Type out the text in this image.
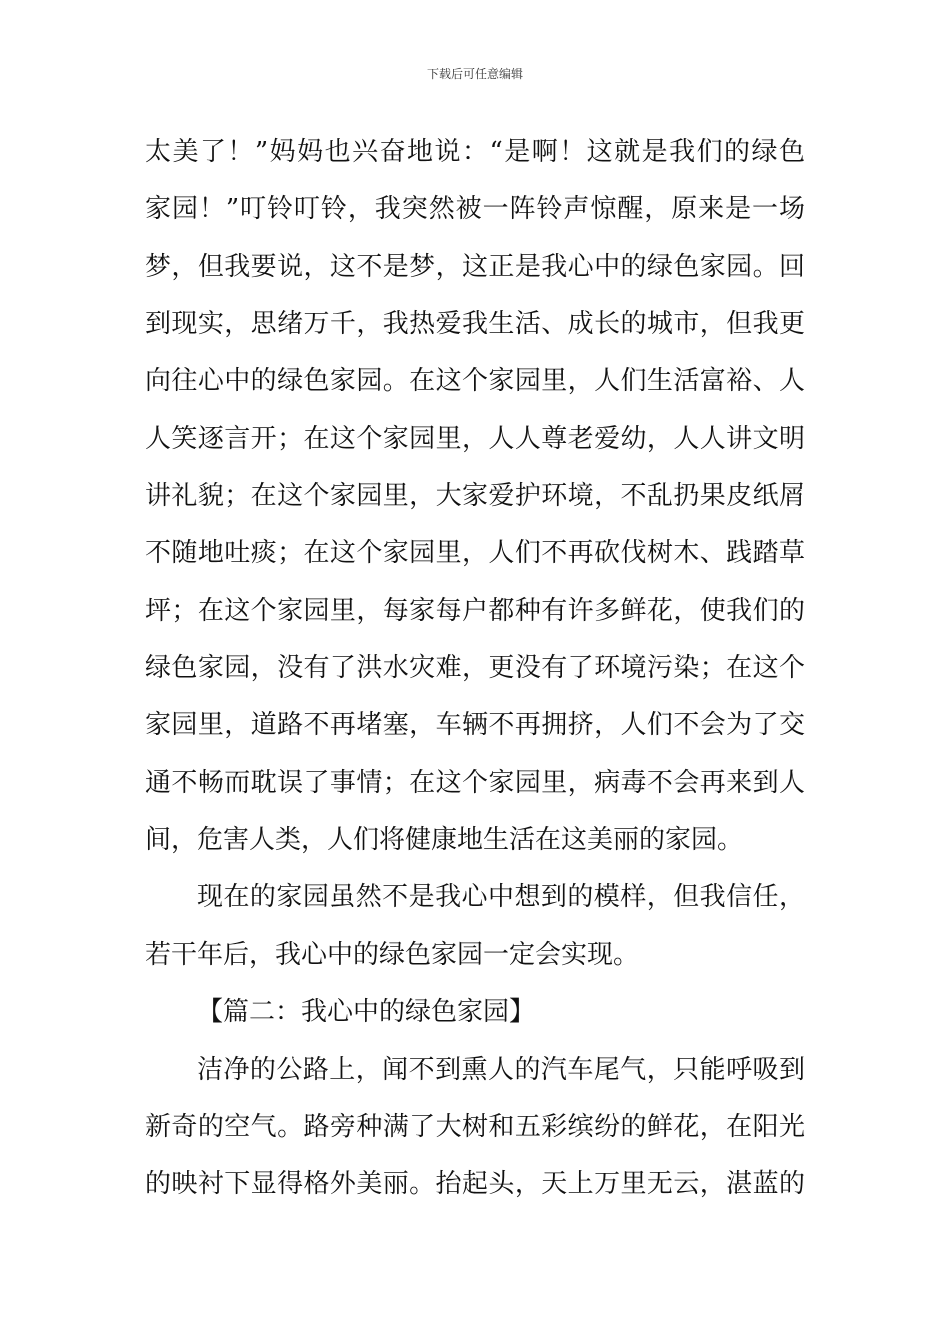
下载后可任意编辑
太美了！”妈妈也兴奋地说：“是啊！这就是我们的绿色
家园！”叮铃叮铃，我突然被一阵铃声惊醒，原来是一场
梦，但我要说，这不是梦，这正是我心中的绿色家园。回
到现实，思绪万千，我热爱我生活、成长的城市，但我更
向往心中的绿色家园。在这个家园里，人们生活富裕、人
人笑逐言开；在这个家园里，人人尊老爱幼，人人讲文明
讲礼貌；在这个家园里，大家爱护环境，不乱扔果皮纸屑
不随地吐痰；在这个家园里，人们不再砍伐树木、践踏草
坪；在这个家园里，每家每户都种有许多鲜花，使我们的
绿色家园，没有了洪水灾难，更没有了环境污染；在这个
家园里，道路不再堵塞，车辆不再拥挤，人们不会为了交
通不畅而耽误了事情；在这个家园里，病毒不会再来到人
间，危害人类，人们将健康地生活在这美丽的家园。
现在的家园虽然不是我心中想到的模样，但我信任，
若干年后，我心中的绿色家园一定会实现。
【篇二：我心中的绿色家园】
洁净的公路上，闻不到熏人的汽车尾气，只能呼吸到
新奇的空气。路旁种满了大树和五彩缤纷的鲜花，在阳光
的映衬下显得格外美丽。抬起头，天上万里无云，湛蓝的
